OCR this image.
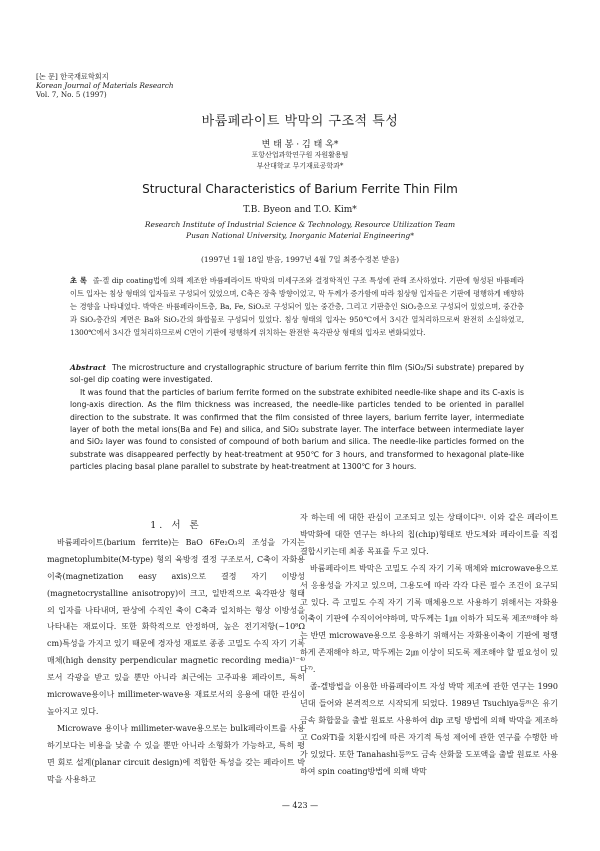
[논 문] 한국재료학회지
Korean Journal of Materials Research
Vol. 7, No. 5 (1997)
바륨페라이트 박막의 구조적 특성
변 태 봉 · 김 태 옥*
포항산업과학연구원 자원활용팀
부산대학교 무기재료공학과*
Structural Characteristics of Barium Ferrite Thin Film
T.B. Byeon and T.O. Kim*
Research Institute of Industrial Science & Technology, Resource Utilization Team
Pusan National University, Inorganic Material Engineering*
(1997년 1월 18일 받음, 1997년 4월 7일 최종수정본 받음)
초 록 졸-겔 dip coating법에 의해 제조한 바륨페라이트 박막의 미세구조와 결정학적인 구조 특성에 관해 조사하였다. 기판에 형성된 바륨페라이트 입자는 침상 형태의 입자들로 구성되어 있었으며, C축은 장축 방향이었고, 막 두께가 증가함에 따라 침상형 입자들은 기판에 평행하게 배향하는 경향을 나타내었다. 박막은 바륨페라이트층, Ba, Fe, SiO₂로 구성되어 있는 중간층, 그리고 기판층인 SiO₂층으로 구성되어 있었으며, 중간층과 SiO₂층간의 계면은 Ba와 SiO₂간의 화합물로 구성되어 있었다. 침상 형태의 입자는 950℃에서 3시간 열처리하므로써 완전히 소실하였고, 1300℃에서 3시간 열처리하므로써 C면이 기판에 평행하게 위치하는 완전한 육각판상 형태의 입자로 변화되었다.

Abstract The microstructure and crystallographic structure of barium ferrite thin film (SiO₂/Si substrate) prepared by sol-gel dip coating were investigated.

It was found that the particles of barium ferrite formed on the substrate exhibited needle-like shape and its C-axis is long-axis direction. As the film thickness was increased, the needle-like particles tended to be oriented in parallel direction to the substrate. It was confirmed that the film consisted of three layers, barium ferrite layer, intermediate layer of both the metal ions(Ba and Fe) and silica, and SiO₂ substrate layer. The interface between intermediate layer and SiO₂ layer was found to consisted of compound of both barium and silica. The needle-like particles formed on the substrate was disappeared perfectly by heat-treatment at 950℃ for 3 hours, and transformed to hexagonal plate-like particles placing basal plane parallel to substrate by heat-treatment at 1300℃ for 3 hours.

1. 서 론

바륨페라이트(barium ferrite)는 BaO 6Fe₂O₃의 조성을 가지는 magnetoplumbite(M-type) 형의 육방정 결정 구조로서, C축이 자화용이축(magnetization easy axis)으로 결정 자기 이방성(magnetocrystalline anisotropy)이 크고, 일반적으로 육각판상 형태의 입자를 나타내며, 판상에 수직인 축이 C축과 일치하는 형상 이방성을 나타내는 재료이다. 또한 화학적으로 안정하며, 높은 전기저항(~10⁸Ω cm)특성을 가지고 있기 때문에 경자성 재료로 종종 고밀도 수직 자기 기록 매체(high density perpendicular magnetic recording media)¹⁻⁴⁾ 로서 각광을 받고 있을 뿐만 아니라 최근에는 고주파용 페라이트, 특히 microwave용이나 millimeter-wave용 재료로서의 응용에 대한 관심이 높아지고 있다.

Microwave 용이나 millimeter-wave용으로는 bulk페라이트를 사용하기보다는 비용을 낮출 수 있을 뿐만 아니라 소형화가 가능하고, 특히 평면 회로 설계(planar circuit design)에 적합한 특성을 갖는 페라이트 박막을 사용하고

자 하는데 에 대한 관심이 고조되고 있는 상태이다⁵⁾. 이와 같은 페라이트 박막화에 대한 연구는 하나의 칩(chip)형태로 반도체와 페라이트를 직접 결합시키는데 최종 목표를 두고 있다.

바륨페라이트 박막은 고밀도 수직 자기 기록 매체와 microwave용으로서 응용성을 가지고 있으며, 그용도에 따라 각각 다른 필수 조건이 요구되고 있다. 즉 고밀도 수직 자기 기록 매체용으로 사용하기 위해서는 자화용이축이 기판에 수직이어야하며, 막두께는 1㎛ 이하가 되도록 제조⁶⁾해야 하는 반면 microwave용으로 응용하기 위해서는 자화용이축이 기판에 평행하게 존재해야 하고, 막두께는 2㎛ 이상이 되도록 제조해야 할 필요성이 있다⁷⁾.

졸-겔방법을 이용한 바륨페라이트 자성 박막 제조에 관한 연구는 1990년대 들어와 본격적으로 시작되게 되었다. 1989년 Tsuchiya등⁸⁾은 유기 금속 화합물을 출발 원료로 사용하여 dip 코팅 방법에 의해 박막을 제조하고 Co와Ti를 치환시킴에 따른 자기적 특성 제어에 관한 연구를 수행한 바가 있었다. 또한 Tanahashi등⁹⁾도 금속 산화물 도포액을 출발 원료로 사용하여 spin coating방법에 의해 박막

— 423 —
